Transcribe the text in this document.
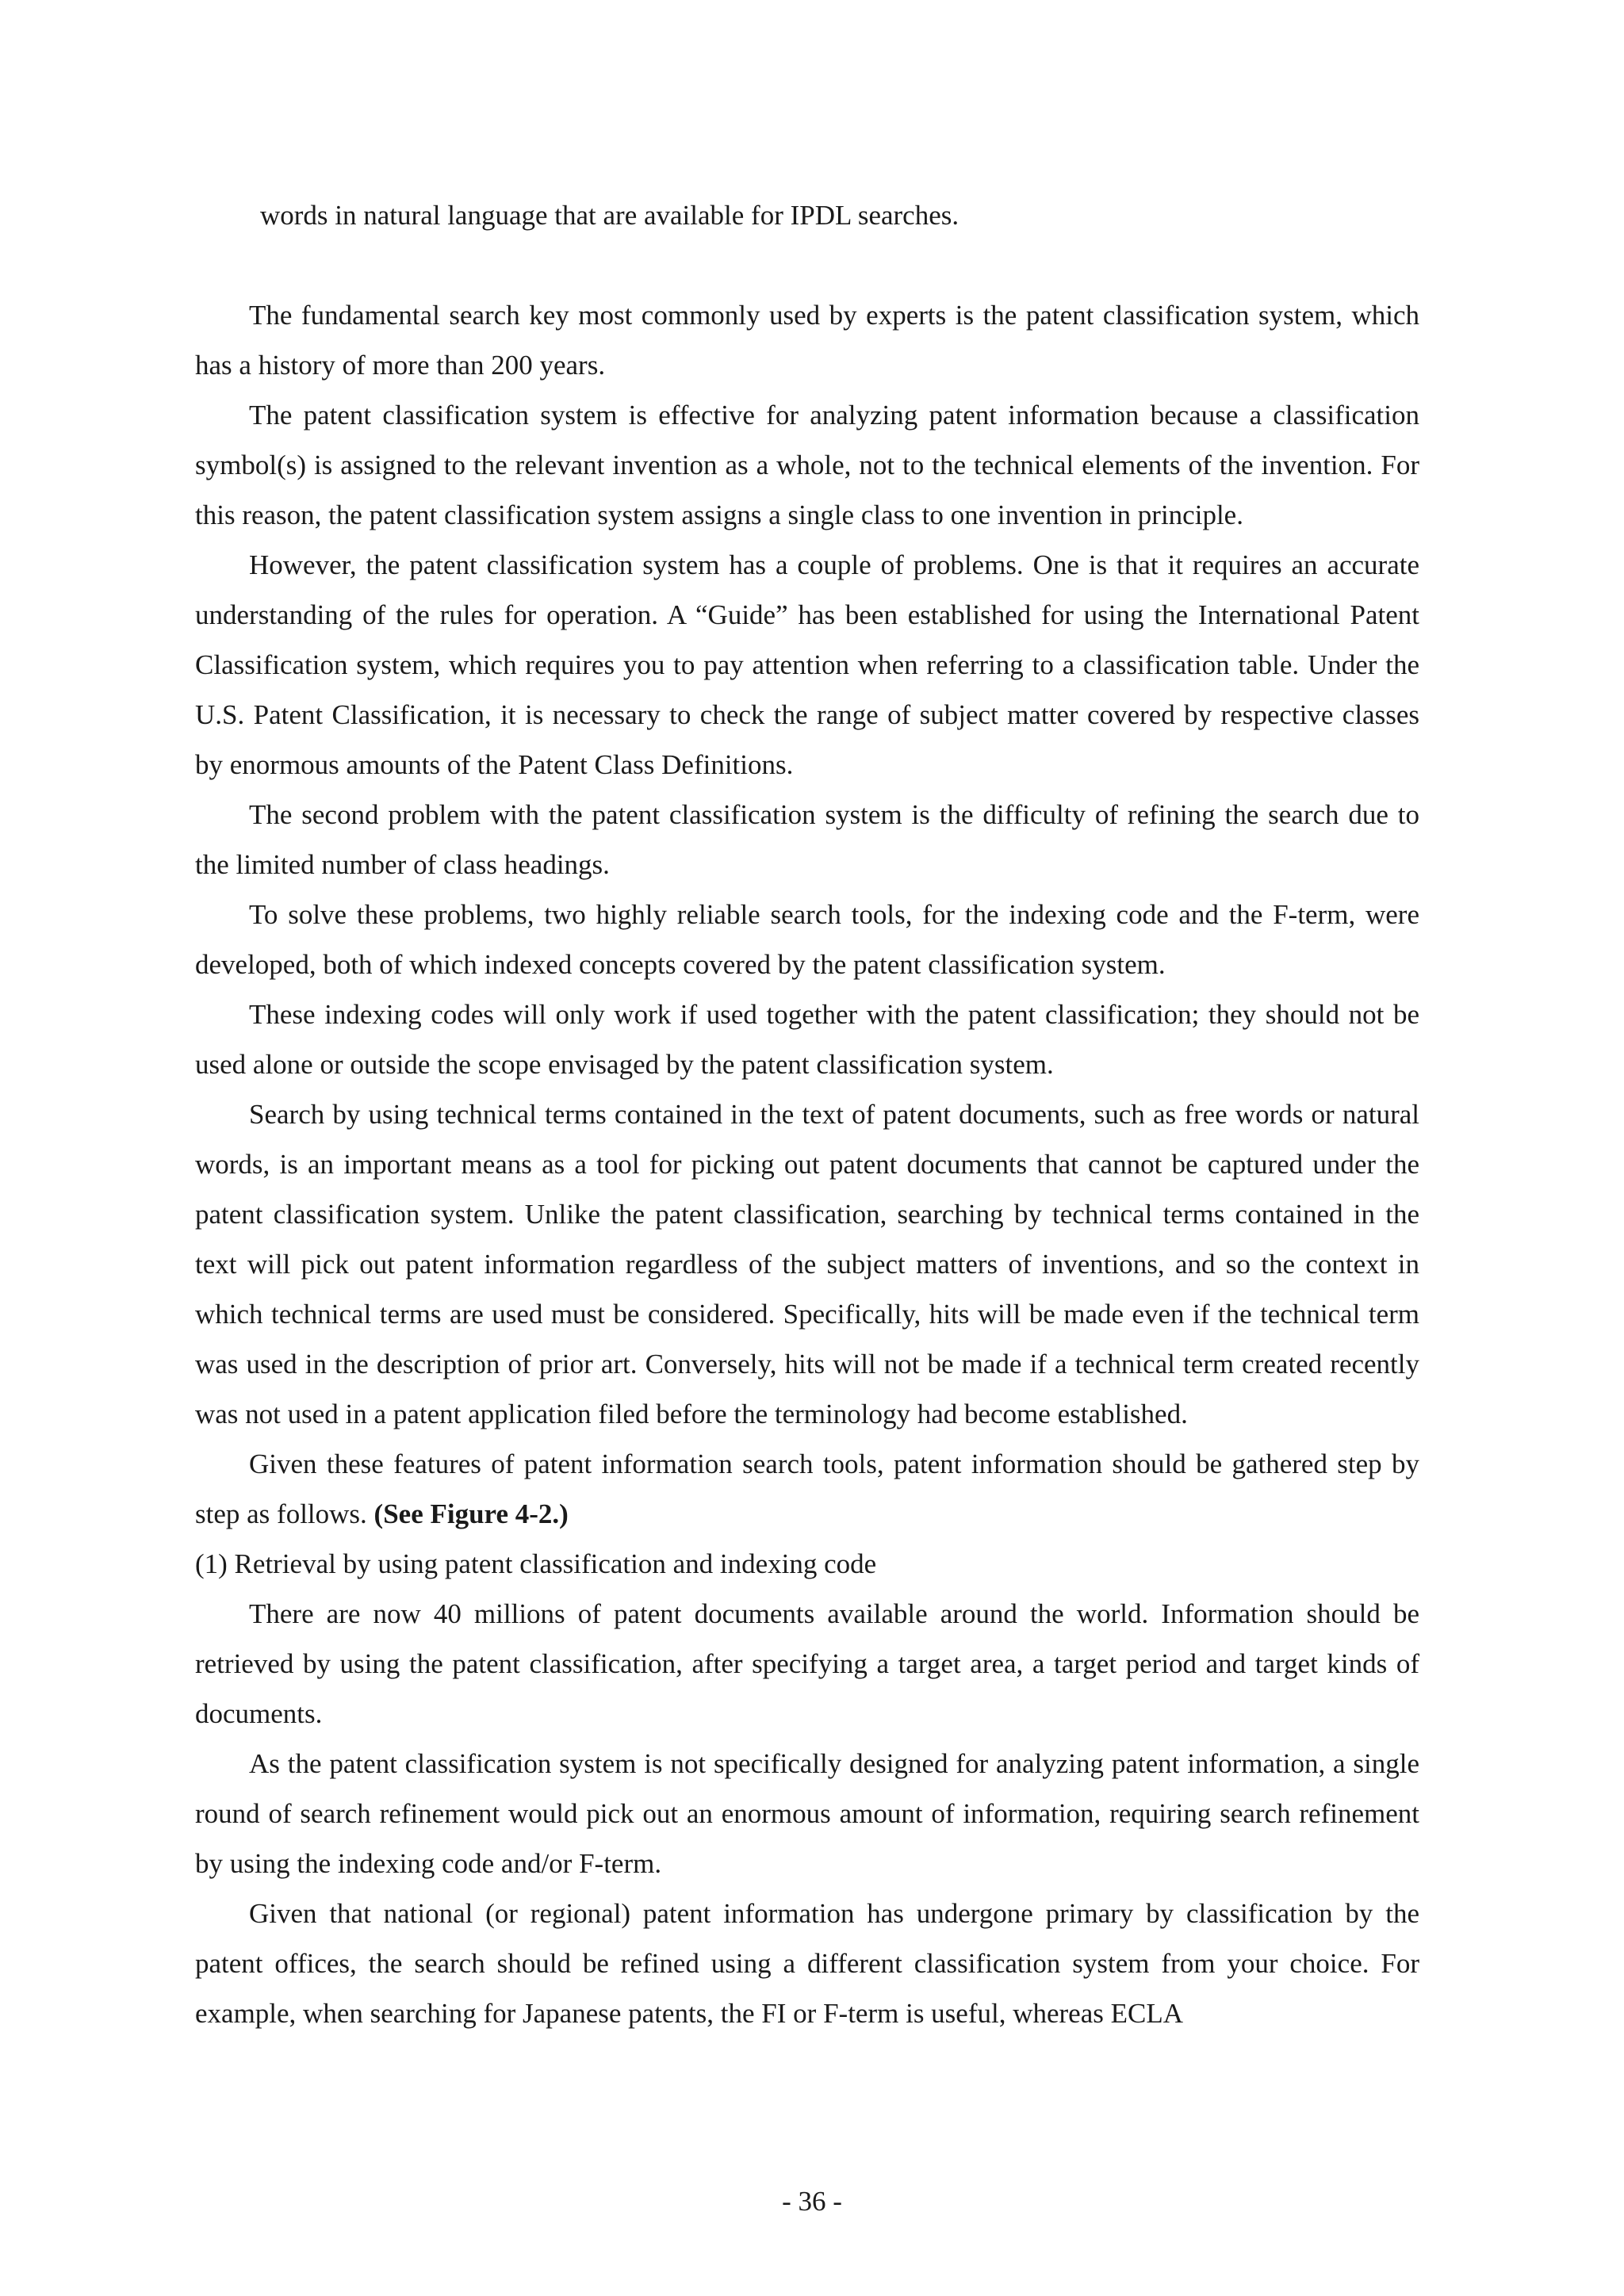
words in natural language that are available for IPDL searches.

The fundamental search key most commonly used by experts is the patent classification system, which has a history of more than 200 years.

The patent classification system is effective for analyzing patent information because a classification symbol(s) is assigned to the relevant invention as a whole, not to the technical elements of the invention. For this reason, the patent classification system assigns a single class to one invention in principle.

However, the patent classification system has a couple of problems. One is that it requires an accurate understanding of the rules for operation. A “Guide” has been established for using the International Patent Classification system, which requires you to pay attention when referring to a classification table. Under the U.S. Patent Classification, it is necessary to check the range of subject matter covered by respective classes by enormous amounts of the Patent Class Definitions.

The second problem with the patent classification system is the difficulty of refining the search due to the limited number of class headings.

To solve these problems, two highly reliable search tools, for the indexing code and the F-term, were developed, both of which indexed concepts covered by the patent classification system.

These indexing codes will only work if used together with the patent classification; they should not be used alone or outside the scope envisaged by the patent classification system.

Search by using technical terms contained in the text of patent documents, such as free words or natural words, is an important means as a tool for picking out patent documents that cannot be captured under the patent classification system. Unlike the patent classification, searching by technical terms contained in the text will pick out patent information regardless of the subject matters of inventions, and so the context in which technical terms are used must be considered. Specifically, hits will be made even if the technical term was used in the description of prior art. Conversely, hits will not be made if a technical term created recently was not used in a patent application filed before the terminology had become established.

Given these features of patent information search tools, patent information should be gathered step by step as follows. (See Figure 4-2.)

(1) Retrieval by using patent classification and indexing code

There are now 40 millions of patent documents available around the world. Information should be retrieved by using the patent classification, after specifying a target area, a target period and target kinds of documents.

As the patent classification system is not specifically designed for analyzing patent information, a single round of search refinement would pick out an enormous amount of information, requiring search refinement by using the indexing code and/or F-term.

Given that national (or regional) patent information has undergone primary by classification by the patent offices, the search should be refined using a different classification system from your choice. For example, when searching for Japanese patents, the FI or F-term is useful, whereas ECLA

- 36 -
